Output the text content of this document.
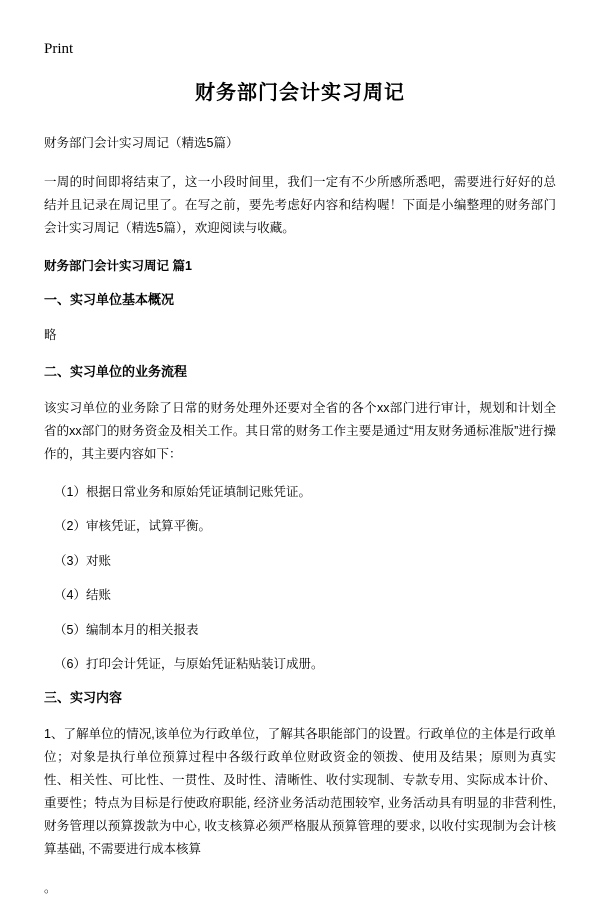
Print
财务部门会计实习周记

财务部门会计实习周记（精选5篇）

一周的时间即将结束了，这一小段时间里，我们一定有不少所感所悉吧，需要进行好好的总结并且记录在周记里了。在写之前，要先考虑好内容和结构喔！下面是小编整理的财务部门会计实习周记（精选5篇），欢迎阅读与收藏。

财务部门会计实习周记 篇1
一、实习单位基本概况

略

二、实习单位的业务流程

该实习单位的业务除了日常的财务处理外还要对全省的各个xx部门进行审计，规划和计划全省的xx部门的财务资金及相关工作。其日常的财务工作主要是通过“用友财务通标准版”进行操作的，其主要内容如下：

（1）根据日常业务和原始凭证填制记账凭证。
（2）审核凭证，试算平衡。
（3）对账
（4）结账
（5）编制本月的相关报表
（6）打印会计凭证，与原始凭证粘贴装订成册。
三、实习内容

1、了解单位的情况,该单位为行政单位，了解其各职能部门的设置。行政单位的主体是行政单位；对象是执行单位预算过程中各级行政单位财政资金的领拨、使用及结果；原则为真实性、相关性、可比性、一贯性、及时性、清晰性、收付实现制、专款专用、实际成本计价、重要性；特点为目标是行使政府职能, 经济业务活动范围较窄, 业务活动具有明显的非营利性, 财务管理以预算拨款为中心, 收支核算必须严格服从预算管理的要求, 以收付实现制为会计核算基础, 不需要进行成本核算

。
